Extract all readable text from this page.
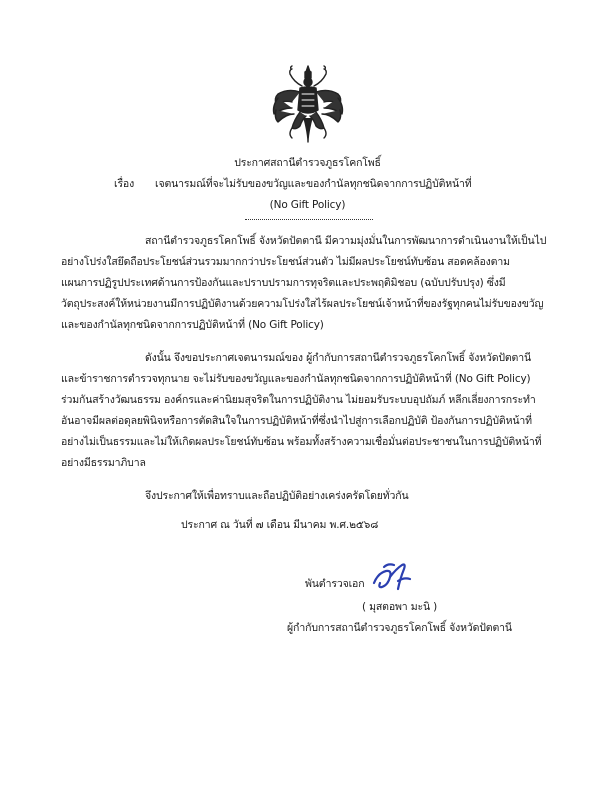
ประกาศสถานีตำรวจภูธรโคกโพธิ์
เรื่อง เจตนารมณ์ที่จะไม่รับของขวัญและของกำนัลทุกชนิดจากการปฏิบัติหน้าที่
(No Gift Policy)
สถานีตำรวจภูธรโคกโพธิ์ จังหวัดปัตตานี มีความมุ่งมั่นในการพัฒนาการดำเนินงานให้เป็นไป
อย่างโปร่งใสยึดถือประโยชน์ส่วนรวมมากกว่าประโยชน์ส่วนตัว ไม่มีผลประโยชน์ทับซ้อน สอดคล้องตาม
แผนการปฏิรูปประเทศด้านการป้องกันและปราบปรามการทุจริตและประพฤติมิชอบ (ฉบับปรับปรุง) ซึ่งมี
วัตถุประสงค์ให้หน่วยงานมีการปฏิบัติงานด้วยความโปร่งใสไร้ผลประโยชน์เจ้าหน้าที่ของรัฐทุกคนไม่รับของขวัญ
และของกำนัลทุกชนิดจากการปฏิบัติหน้าที่ (No Gift Policy)
ดังนั้น จึงขอประกาศเจตนารมณ์ของ ผู้กำกับการสถานีตำรวจภูธรโคกโพธิ์ จังหวัดปัตตานี
และข้าราชการตำรวจทุกนาย จะไม่รับของขวัญและของกำนัลทุกชนิดจากการปฏิบัติหน้าที่ (No Gift Policy)
ร่วมกันสร้างวัฒนธรรม องค์กรและค่านิยมสุจริตในการปฏิบัติงาน ไม่ยอมรับระบบอุปถัมภ์ หลีกเลี่ยงการกระทำ
อันอาจมีผลต่อดุลยพินิจหรือการตัดสินใจในการปฏิบัติหน้าที่ซึ่งนำไปสู่การเลือกปฏิบัติ ป้องกันการปฏิบัติหน้าที่
อย่างไม่เป็นธรรมและไม่ให้เกิดผลประโยชน์ทับซ้อน พร้อมทั้งสร้างความเชื่อมั่นต่อประชาชนในการปฏิบัติหน้าที่
อย่างมีธรรมาภิบาล
จึงประกาศให้เพื่อทราบและถือปฏิบัติอย่างเคร่งครัดโดยทั่วกัน
ประกาศ ณ วันที่ ๗ เดือน มีนาคม พ.ศ.๒๕๖๘
พันตำรวจเอก
( มุสตอพา มะนิ )
ผู้กำกับการสถานีตำรวจภูธรโคกโพธิ์ จังหวัดปัตตานี
